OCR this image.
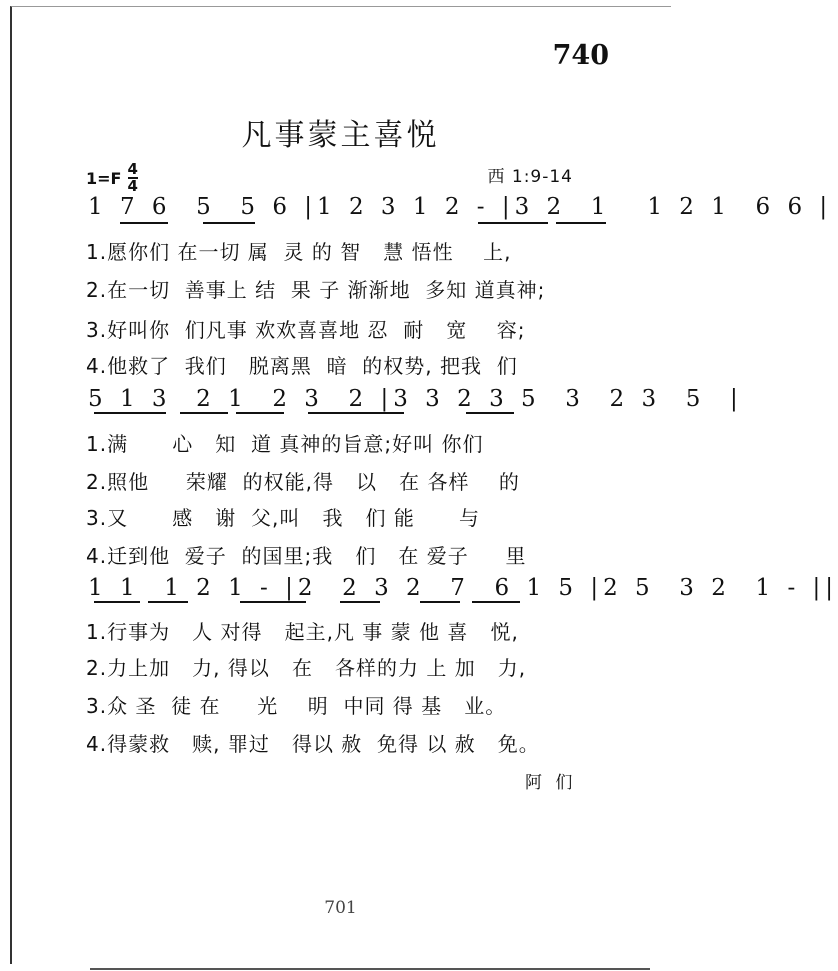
740
凡事蒙主喜悦
$1=F \frac{4}{4}$	西 1:9-14
1 7 6  5  5 6 |1 2 3 1 2 - |3 2  1   1 2 1  6 6 |
1.愿你们 在一切 属  灵 的 智   慧 悟性    上,
2.在一切  善事上 结  果 子 渐渐地  多知 道真神;
3.好叫你  们凡事 欢欢喜喜地 忍  耐   宽    容;
4.他救了  我们   脱离黑  暗  的权势, 把我  们
5 1 3  2 1  2 3  2 |3 3 2 3 5  3  2 3  5  |
1.满      心   知  道 真神的旨意;好叫 你们
2.照他     荣耀  的权能,得   以   在 各样    的
3.又      感   谢  父,叫   我   们 能      与
4.迁到他  爱子  的国里;我   们   在 爱子     里
1 1  1 2 1 - |2  2 3 2  7  6 1 5 |2 5  3 2  1 - ||
1.行事为   人 对得   起主,凡 事 蒙 他 喜   悦,
2.力上加   力, 得以   在   各样的力 上 加   力,
3.众 圣  徒 在     光    明  中同 得 基   业。
4.得蒙救   赎, 罪过   得以 赦  免得 以 赦   免。
阿 们
701
